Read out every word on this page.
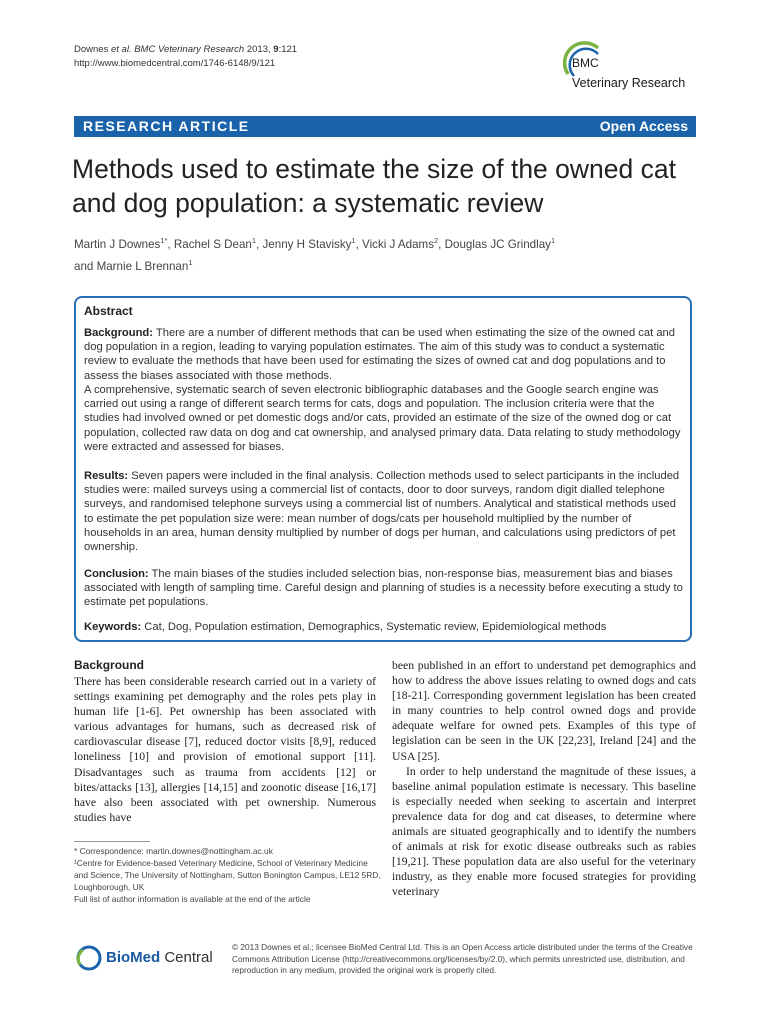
Downes et al. BMC Veterinary Research 2013, 9:121
http://www.biomedcentral.com/1746-6148/9/121	BMC
Veterinary Research
RESEARCH ARTICLE	Open Access
Methods used to estimate the size of the owned cat and dog population: a systematic review
Martin J Downes$^{1*}$, Rachel S Dean$^1$, Jenny H Stavisky$^1$, Vicki J Adams$^2$, Douglas JC Grindlay$^1$
and Marnie L Brennan$^1$
Abstract
Background: There are a number of different methods that can be used when estimating the size of the owned cat and dog population in a region, leading to varying population estimates. The aim of this study was to conduct a systematic review to evaluate the methods that have been used for estimating the sizes of owned cat and dog populations and to assess the biases associated with those methods.
A comprehensive, systematic search of seven electronic bibliographic databases and the Google search engine was carried out using a range of different search terms for cats, dogs and population. The inclusion criteria were that the studies had involved owned or pet domestic dogs and/or cats, provided an estimate of the size of the owned dog or cat population, collected raw data on dog and cat ownership, and analysed primary data. Data relating to study methodology were extracted and assessed for biases.
Results: Seven papers were included in the final analysis. Collection methods used to select participants in the included studies were: mailed surveys using a commercial list of contacts, door to door surveys, random digit dialled telephone surveys, and randomised telephone surveys using a commercial list of numbers. Analytical and statistical methods used to estimate the pet population size were: mean number of dogs/cats per household multiplied by the number of households in an area, human density multiplied by number of dogs per human, and calculations using predictors of pet ownership.
Conclusion: The main biases of the studies included selection bias, non-response bias, measurement bias and biases associated with length of sampling time. Careful design and planning of studies is a necessity before executing a study to estimate pet populations.
Keywords: Cat, Dog, Population estimation, Demographics, Systematic review, Epidemiological methods
Background
There has been considerable research carried out in a variety of settings examining pet demography and the roles pets play in human life [1-6]. Pet ownership has been associated with various advantages for humans, such as decreased risk of cardiovascular disease [7], reduced doctor visits [8,9], reduced loneliness [10] and provision of emotional support [11]. Disadvantages such as trauma from accidents [12] or bites/attacks [13], allergies [14,15] and zoonotic disease [16,17] have also been associated with pet ownership. Numerous studies have
been published in an effort to understand pet demographics and how to address the above issues relating to owned dogs and cats [18-21]. Corresponding government legislation has been created in many countries to help control owned dogs and provide adequate welfare for owned pets. Examples of this type of legislation can be seen in the UK [22,23], Ireland [24] and the USA [25].
In order to help understand the magnitude of these issues, a baseline animal population estimate is necessary. This baseline is especially needed when seeking to ascertain and interpret prevalence data for dog and cat diseases, to determine where animals are situated geographically and to identify the numbers of animals at risk for exotic disease outbreaks such as rabies [19,21]. These population data are also useful for the veterinary industry, as they enable more focused strategies for providing veterinary
* Correspondence: martin.downes@nottingham.ac.uk
¹Centre for Evidence-based Veterinary Medicine, School of Veterinary Medicine and Science, The University of Nottingham, Sutton Bonington Campus, LE12 5RD, Loughborough, UK
Full list of author information is available at the end of the article
BioMed Central
© 2013 Downes et al.; licensee BioMed Central Ltd. This is an Open Access article distributed under the terms of the Creative Commons Attribution License (http://creativecommons.org/licenses/by/2.0), which permits unrestricted use, distribution, and reproduction in any medium, provided the original work is properly cited.
